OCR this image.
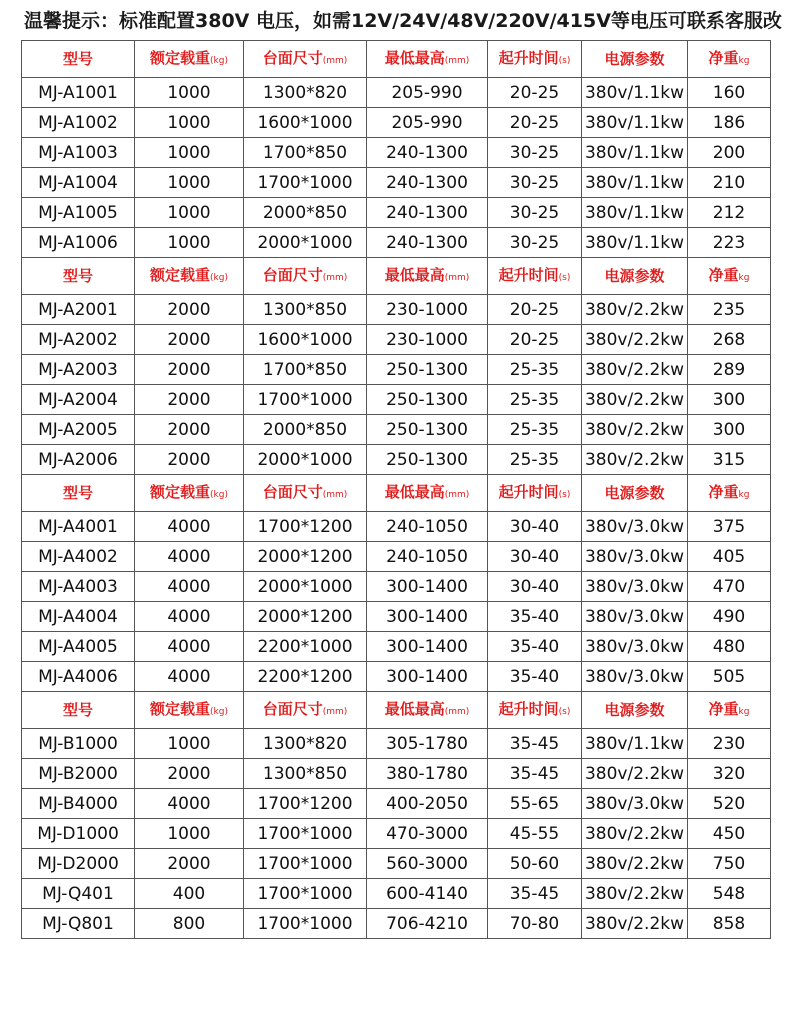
温馨提示：标准配置380V 电压，如需12V/24V/48V/220V/415V等电压可联系客服改
型号	额定载重(kg)	台面尺寸(mm)	最低最高(mm)	起升时间(s)	电源参数	净重kg
MJ-A1001	1000	1300*820	205-990	20-25	380v/1.1kw	160
MJ-A1002	1000	1600*1000	205-990	20-25	380v/1.1kw	186
MJ-A1003	1000	1700*850	240-1300	30-25	380v/1.1kw	200
MJ-A1004	1000	1700*1000	240-1300	30-25	380v/1.1kw	210
MJ-A1005	1000	2000*850	240-1300	30-25	380v/1.1kw	212
MJ-A1006	1000	2000*1000	240-1300	30-25	380v/1.1kw	223
型号	额定载重(kg)	台面尺寸(mm)	最低最高(mm)	起升时间(s)	电源参数	净重kg
MJ-A2001	2000	1300*850	230-1000	20-25	380v/2.2kw	235
MJ-A2002	2000	1600*1000	230-1000	20-25	380v/2.2kw	268
MJ-A2003	2000	1700*850	250-1300	25-35	380v/2.2kw	289
MJ-A2004	2000	1700*1000	250-1300	25-35	380v/2.2kw	300
MJ-A2005	2000	2000*850	250-1300	25-35	380v/2.2kw	300
MJ-A2006	2000	2000*1000	250-1300	25-35	380v/2.2kw	315
型号	额定载重(kg)	台面尺寸(mm)	最低最高(mm)	起升时间(s)	电源参数	净重kg
MJ-A4001	4000	1700*1200	240-1050	30-40	380v/3.0kw	375
MJ-A4002	4000	2000*1200	240-1050	30-40	380v/3.0kw	405
MJ-A4003	4000	2000*1000	300-1400	30-40	380v/3.0kw	470
MJ-A4004	4000	2000*1200	300-1400	35-40	380v/3.0kw	490
MJ-A4005	4000	2200*1000	300-1400	35-40	380v/3.0kw	480
MJ-A4006	4000	2200*1200	300-1400	35-40	380v/3.0kw	505
型号	额定载重(kg)	台面尺寸(mm)	最低最高(mm)	起升时间(s)	电源参数	净重kg
MJ-B1000	1000	1300*820	305-1780	35-45	380v/1.1kw	230
MJ-B2000	2000	1300*850	380-1780	35-45	380v/2.2kw	320
MJ-B4000	4000	1700*1200	400-2050	55-65	380v/3.0kw	520
MJ-D1000	1000	1700*1000	470-3000	45-55	380v/2.2kw	450
MJ-D2000	2000	1700*1000	560-3000	50-60	380v/2.2kw	750
MJ-Q401	400	1700*1000	600-4140	35-45	380v/2.2kw	548
MJ-Q801	800	1700*1000	706-4210	70-80	380v/2.2kw	858
